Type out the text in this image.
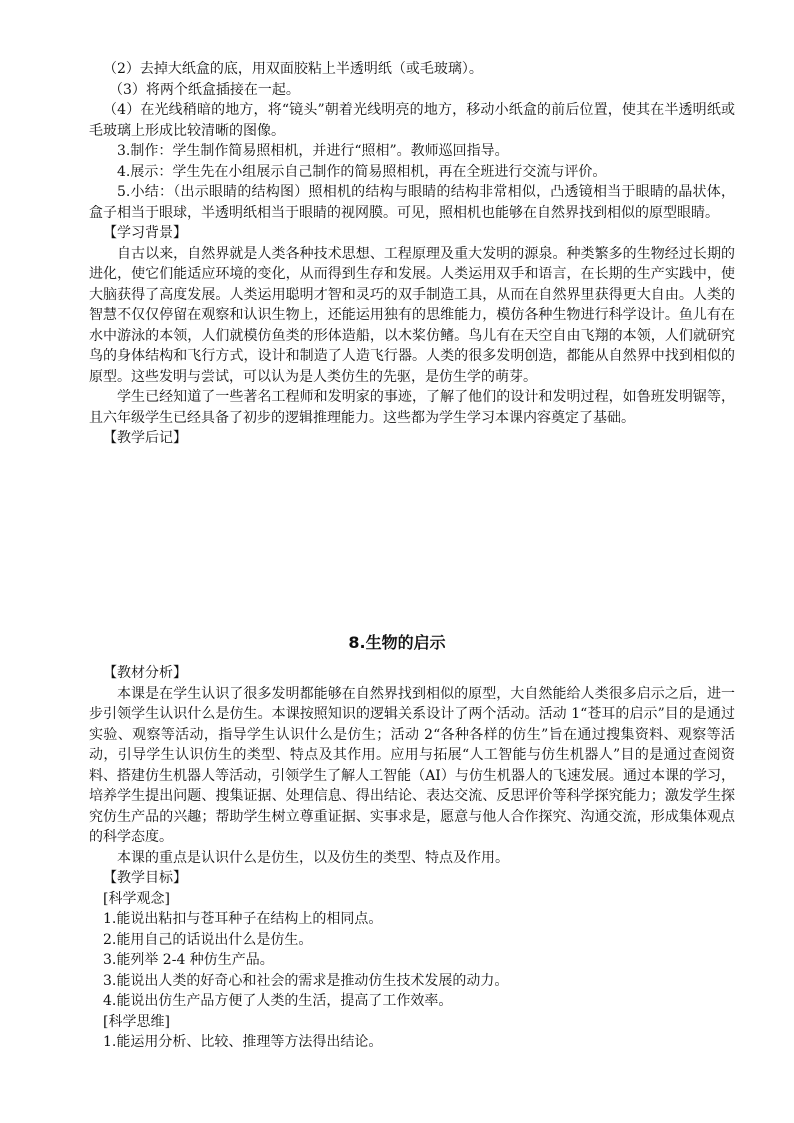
（2）去掉大纸盒的底，用双面胶粘上半透明纸（或毛玻璃）。

（3）将两个纸盒插接在一起。

（4）在光线稍暗的地方，将“镜头”朝着光线明亮的地方，移动小纸盒的前后位置，使其在半透明纸或毛玻璃上形成比较清晰的图像。

3.制作：学生制作简易照相机，并进行“照相”。教师巡回指导。

4.展示：学生先在小组展示自己制作的简易照相机，再在全班进行交流与评价。

5.小结：（出示眼睛的结构图）照相机的结构与眼睛的结构非常相似，凸透镜相当于眼睛的晶状体，盒子相当于眼球，半透明纸相当于眼睛的视网膜。可见，照相机也能够在自然界找到相似的原型眼睛。

【学习背景】

自古以来，自然界就是人类各种技术思想、工程原理及重大发明的源泉。种类繁多的生物经过长期的进化，使它们能适应环境的变化，从而得到生存和发展。人类运用双手和语言，在长期的生产实践中，使大脑获得了高度发展。人类运用聪明才智和灵巧的双手制造工具，从而在自然界里获得更大自由。人类的智慧不仅仅停留在观察和认识生物上，还能运用独有的思维能力，模仿各种生物进行科学设计。鱼儿有在水中游泳的本领，人们就模仿鱼类的形体造船，以木桨仿鳍。鸟儿有在天空自由飞翔的本领，人们就研究鸟的身体结构和飞行方式，设计和制造了人造飞行器。人类的很多发明创造，都能从自然界中找到相似的原型。这些发明与尝试，可以认为是人类仿生的先驱，是仿生学的萌芽。

学生已经知道了一些著名工程师和发明家的事迹，了解了他们的设计和发明过程，如鲁班发明锯等，且六年级学生已经具备了初步的逻辑推理能力。这些都为学生学习本课内容奠定了基础。

【教学后记】

8.生物的启示

【教材分析】

本课是在学生认识了很多发明都能够在自然界找到相似的原型，大自然能给人类很多启示之后，进一步引领学生认识什么是仿生。本课按照知识的逻辑关系设计了两个活动。活动 1“苍耳的启示”目的是通过实验、观察等活动，指导学生认识什么是仿生；活动 2“各种各样的仿生”旨在通过搜集资料、观察等活动，引导学生认识仿生的类型、特点及其作用。应用与拓展“人工智能与仿生机器人”目的是通过查阅资料、搭建仿生机器人等活动，引领学生了解人工智能（AI）与仿生机器人的飞速发展。通过本课的学习，培养学生提出问题、搜集证据、处理信息、得出结论、表达交流、反思评价等科学探究能力；激发学生探究仿生产品的兴趣；帮助学生树立尊重证据、实事求是，愿意与他人合作探究、沟通交流，形成集体观点的科学态度。

本课的重点是认识什么是仿生，以及仿生的类型、特点及作用。

【教学目标】

[科学观念]

1.能说出粘扣与苍耳种子在结构上的相同点。

2.能用自己的话说出什么是仿生。

3.能列举 2-4 种仿生产品。

3.能说出人类的好奇心和社会的需求是推动仿生技术发展的动力。

4.能说出仿生产品方便了人类的生活，提高了工作效率。

[科学思维]

1.能运用分析、比较、推理等方法得出结论。
